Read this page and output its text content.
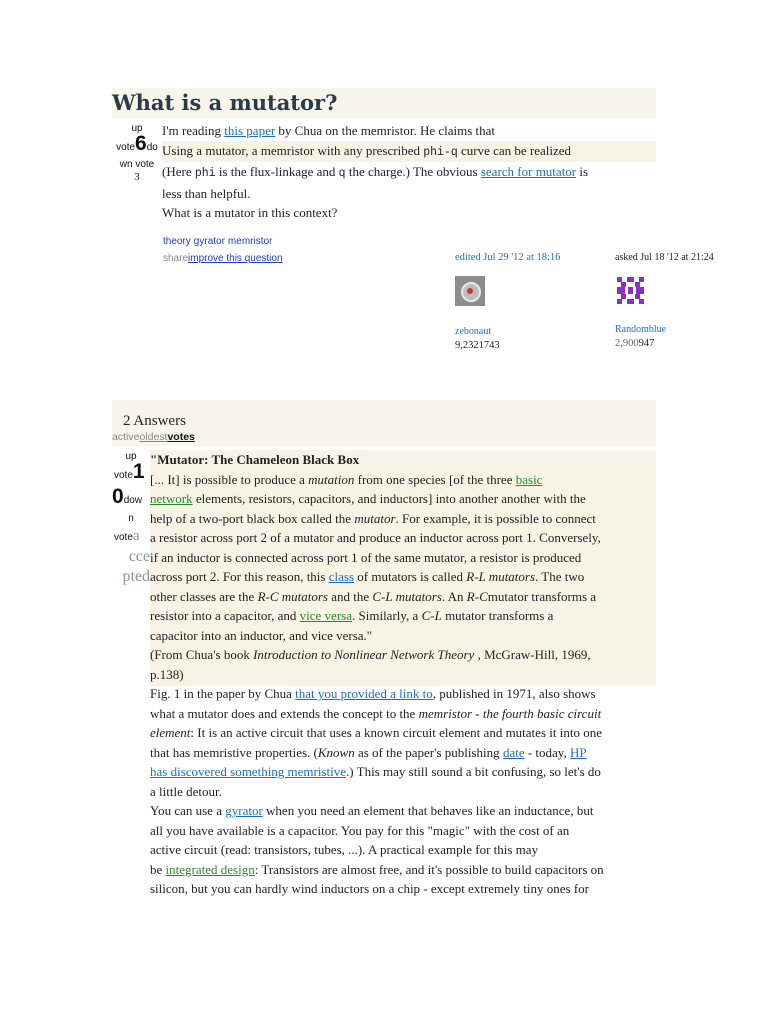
What is a mutator?
up
vote6do
wn vote
3

I'm reading this paper by Chua on the memristor. He claims that

Using a mutator, a memristor with any prescribed phi-q curve can be realized

(Here phi is the flux-linkage and q the charge.) The obvious search for mutator is

less than helpful.

What is a mutator in this context?

theory gyrator memristor
shareimprove this question	edited Jul 29 '12 at 18:16
zebonaut
9,2321743
asked Jul 18 '12 at 21:24
Randomblue
2,900947
2 Answers
activeoldestvotes
up
vote1
0dow
n
votea
cce
pted

"Mutator: The Chameleon Black Box

[... It] is possible to produce a mutation from one species [of the three basic

network elements, resistors, capacitors, and inductors] into another another with the

help of a two-port black box called the mutator. For example, it is possible to connect

a resistor across port 2 of a mutator and produce an inductor across port 1. Conversely,

if an inductor is connected across port 1 of the same mutator, a resistor is produced

across port 2. For this reason, this class of mutators is called R-L mutators. The two

other classes are the R-C mutators and the C-L mutators. An R-Cmutator transforms a

resistor into a capacitor, and vice versa. Similarly, a C-L mutator transforms a

capacitor into an inductor, and vice versa."

(From Chua's book Introduction to Nonlinear Network Theory , McGraw-Hill, 1969,

p.138)

Fig. 1 in the paper by Chua that you provided a link to, published in 1971, also shows

what a mutator does and extends the concept to the memristor - the fourth basic circuit

element: It is an active circuit that uses a known circuit element and mutates it into one

that has memristive properties. (Known as of the paper's publishing date - today, HP

has discovered something memristive.) This may still sound a bit confusing, so let's do

a little detour.

You can use a gyrator when you need an element that behaves like an inductance, but

all you have available is a capacitor. You pay for this "magic" with the cost of an

active circuit (read: transistors, tubes, ...). A practical example for this may

be integrated design: Transistors are almost free, and it's possible to build capacitors on

silicon, but you can hardly wind inductors on a chip - except extremely tiny ones for
